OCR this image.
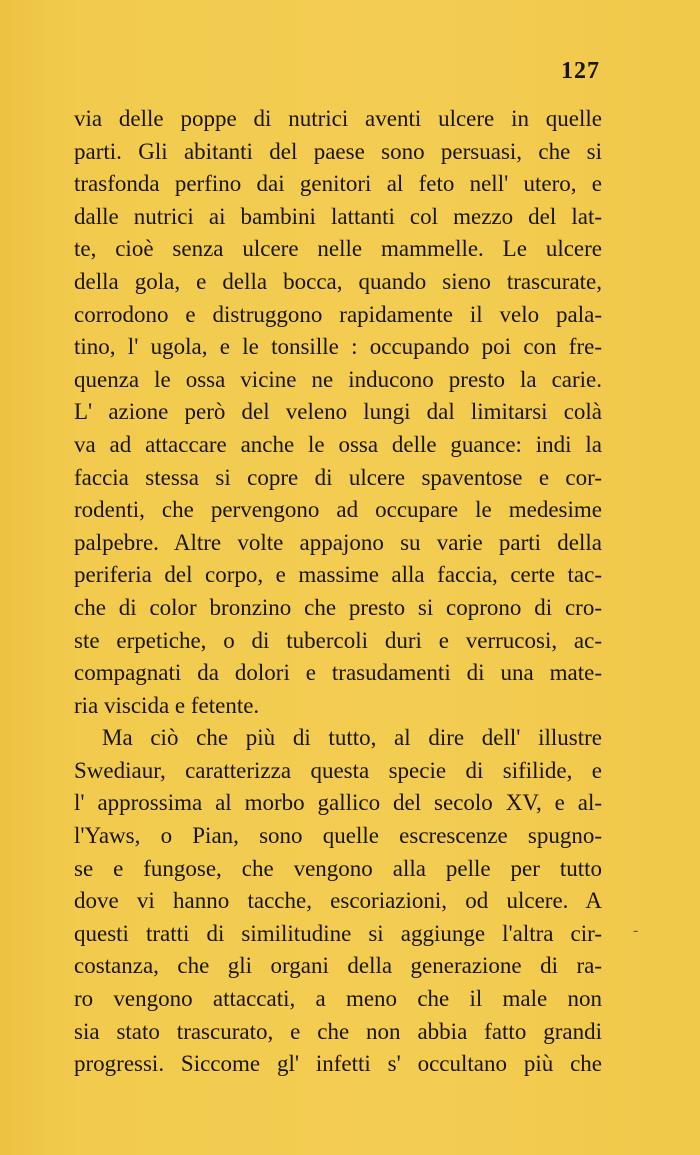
127
via delle poppe di nutrici aventi ulcere in quelle
parti. Gli abitanti del paese sono persuasi, che si
trasfonda perfino dai genitori al feto nell' utero, e
dalle nutrici ai bambini lattanti col mezzo del lat-
te, cioè senza ulcere nelle mammelle. Le ulcere
della gola, e della bocca, quando sieno trascurate,
corrodono e distruggono rapidamente il velo pala-
tino, l' ugola, e le tonsille : occupando poi con fre-
quenza le ossa vicine ne inducono presto la carie.
L' azione però del veleno lungi dal limitarsi colà
va ad attaccare anche le ossa delle guance: indi la
faccia stessa si copre di ulcere spaventose e cor-
rodenti, che pervengono ad occupare le medesime
palpebre. Altre volte appajono su varie parti della
periferia del corpo, e massime alla faccia, certe tac-
che di color bronzino che presto si coprono di cro-
ste erpetiche, o di tubercoli duri e verrucosi, ac-
compagnati da dolori e trasudamenti di una mate-
ria viscida e fetente.
Ma ciò che più di tutto, al dire dell' illustre
Swediaur, caratterizza questa specie di sifilide, e
l' approssima al morbo gallico del secolo XV, e al-
l'Yaws, o Pian, sono quelle escrescenze spugno-
se e fungose, che vengono alla pelle per tutto
dove vi hanno tacche, escoriazioni, od ulcere. A
questi tratti di similitudine si aggiunge l'altra cir-
costanza, che gli organi della generazione di ra-
ro vengono attaccati, a meno che il male non
sia stato trascurato, e che non abbia fatto grandi
progressi. Siccome gl' infetti s' occultano più che
-
